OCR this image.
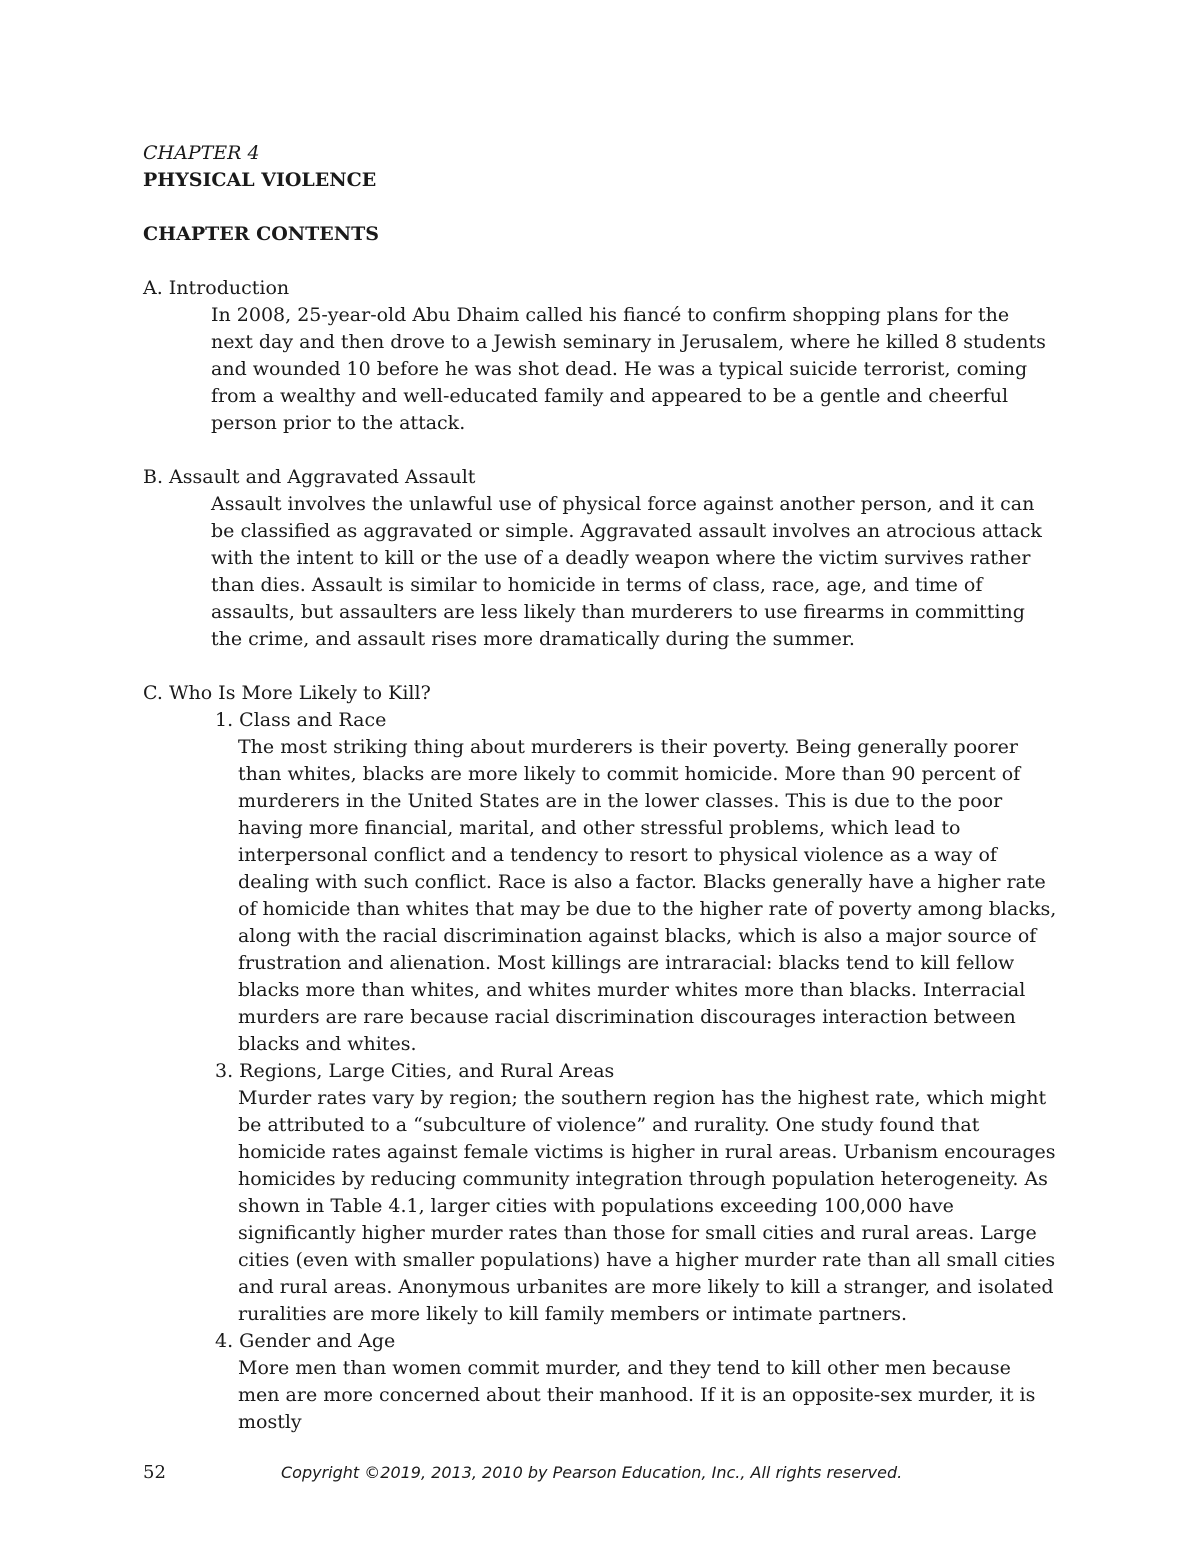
CHAPTER 4
PHYSICAL VIOLENCE
CHAPTER CONTENTS
A. Introduction
In 2008, 25-year-old Abu Dhaim called his fiancé to confirm shopping plans for the next day and then drove to a Jewish seminary in Jerusalem, where he killed 8 students and wounded 10 before he was shot dead. He was a typical suicide terrorist, coming from a wealthy and well-educated family and appeared to be a gentle and cheerful person prior to the attack.
B. Assault and Aggravated Assault
Assault involves the unlawful use of physical force against another person, and it can be classified as aggravated or simple. Aggravated assault involves an atrocious attack with the intent to kill or the use of a deadly weapon where the victim survives rather than dies. Assault is similar to homicide in terms of class, race, age, and time of assaults, but assaulters are less likely than murderers to use firearms in committing the crime, and assault rises more dramatically during the summer.
C. Who Is More Likely to Kill?
1. Class and Race
The most striking thing about murderers is their poverty. Being generally poorer than whites, blacks are more likely to commit homicide. More than 90 percent of murderers in the United States are in the lower classes. This is due to the poor having more financial, marital, and other stressful problems, which lead to interpersonal conflict and a tendency to resort to physical violence as a way of dealing with such conflict. Race is also a factor. Blacks generally have a higher rate of homicide than whites that may be due to the higher rate of poverty among blacks, along with the racial discrimination against blacks, which is also a major source of frustration and alienation. Most killings are intraracial: blacks tend to kill fellow blacks more than whites, and whites murder whites more than blacks. Interracial murders are rare because racial discrimination discourages interaction between blacks and whites.
3. Regions, Large Cities, and Rural Areas
Murder rates vary by region; the southern region has the highest rate, which might be attributed to a “subculture of violence” and rurality. One study found that homicide rates against female victims is higher in rural areas. Urbanism encourages homicides by reducing community integration through population heterogeneity. As shown in Table 4.1, larger cities with populations exceeding 100,000 have significantly higher murder rates than those for small cities and rural areas. Large cities (even with smaller populations) have a higher murder rate than all small cities and rural areas. Anonymous urbanites are more likely to kill a stranger, and isolated ruralities are more likely to kill family members or intimate partners.
4. Gender and Age
More men than women commit murder, and they tend to kill other men because men are more concerned about their manhood. If it is an opposite-sex murder, it is mostly
52	Copyright ©2019, 2013, 2010 by Pearson Education, Inc., All rights reserved.
